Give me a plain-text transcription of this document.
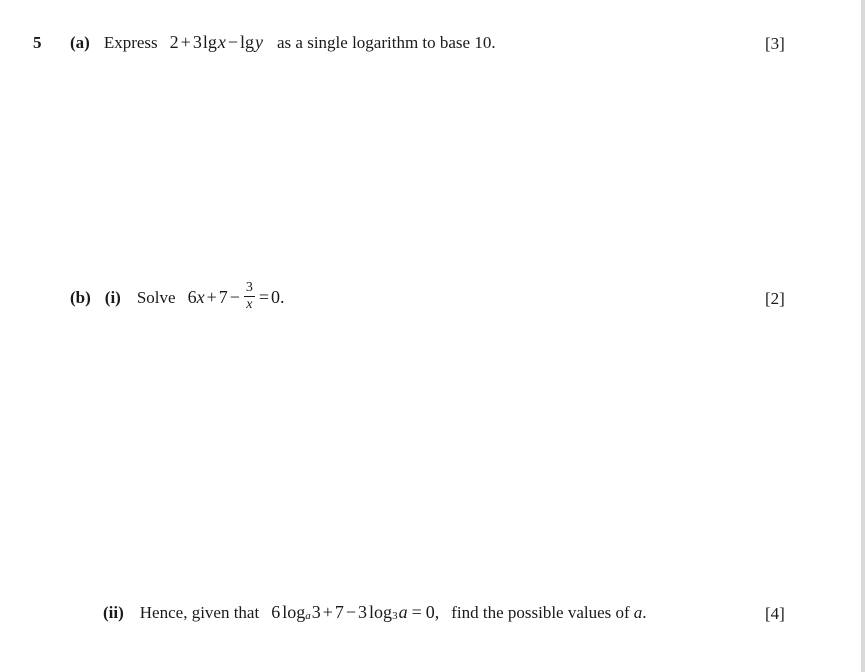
5 (a) Express 2 + 3 lg x − lg y as a single logarithm to base 10.	[3]
(b) (i) Solve 6 $x + 7 - \frac{3}{x} = 0$.	[2]
(ii) Hence, given that 6 log $_a$ 3 + 7 − 3 log $_3$ a = 0, find the possible values of a .	[4]
